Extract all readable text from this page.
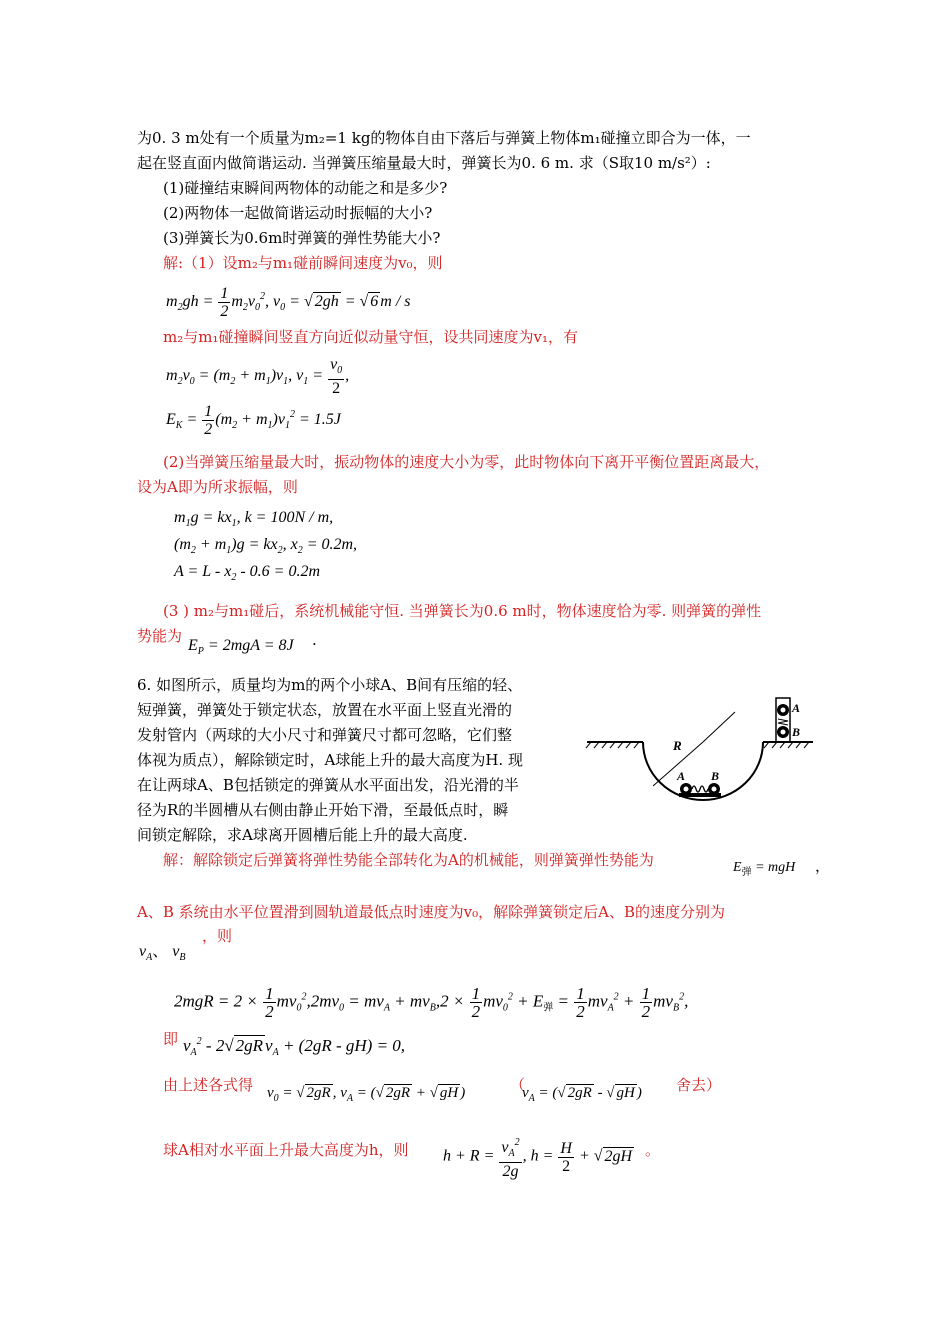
为0. 3 m处有一个质量为m₂=1 kg的物体自由下落后与弹簧上物体m₁碰撞立即合为一体，一
起在竖直面内做简谐运动. 当弹簧压缩量最大时，弹簧长为0. 6 m. 求（S取10 m/s²）:
(1)碰撞结束瞬间两物体的动能之和是多少?
(2)两物体一起做简谐运动时振幅的大小?
(3)弹簧长为0.6m时弹簧的弹性势能大小?
解:（1）设m₂与m₁碰前瞬间速度为v₀，则
$m_2gh = \frac{1}{2} m_2v_0^2$, $v_0$ = √ 2gh = √ 6 m / s
m₂与m₁碰撞瞬间竖直方向近似动量守恒，设共同速度为v₁，有
$m_2v_0 = (m_2 + m_1)v_1$, $v_1 = \frac{v_0}{2}$ ,
$E_K = \frac{1}{2} (m_2 + m_1)v_1^2 = 1.5J$
(2)当弹簧压缩量最大时，振动物体的速度大小为零，此时物体向下离开平衡位置距离最大，
设为A即为所求振幅，则
$m_1g = kx_1$, k = 100N / m,
$(m_2 + m_1)g = kx_2$, $x_2 = 0.2m$,
$A = L - x_2 - 0.6 = 0.2m$
(3 ) m₂与m₁碰后，系统机械能守恒. 当弹簧长为0.6 m时，物体速度恰为零. 则弹簧的弹性
势能为
$E_P = 2mgA = 8J$ .
6. 如图所示，质量均为m的两个小球A、B间有压缩的轻、
短弹簧，弹簧处于锁定状态，放置在水平面上竖直光滑的
发射管内（两球的大小尺寸和弹簧尺寸都可忽略，它们整
体视为质点），解除锁定时，A球能上升的最大高度为H. 现
在让两球A、B包括锁定的弹簧从水平面出发，沿光滑的半
径为R的半圆槽从右侧由静止开始下滑，至最低点时，瞬
间锁定解除，求A球离开圆槽后能上升的最大高度.
R
A
B
A B
解：解除锁定后弹簧将弹性势能全部转化为A的机械能，则弹簧弹性势能为	$E_弹$ = mgH ，
A、B 系统由水平位置滑到圆轨道最低点时速度为v₀，解除弹簧锁定后A、B的速度分别为
$v_A$、 $v_B$
，则
$2mgR = 2 \times \frac{1}{2} mv_0^2,2mv_0 = mv_A + mv_B,2 \times \frac{1}{2} mv_0^2 + E_弹 = \frac{1}{2} mv_A^2 + \frac{1}{2} mv_B^2$,
即 $v_A^2 - 2√$ 2gR $v_A + (2gR - gH) = 0$,
由上述各式得 $v_0$ = √ 2gR , $v_A$ = (√ 2gR + √ gH )	（
$v_A$ = (√ 2gR - √ gH ) 舍去）
球A相对水平面上升最大高度为h，则 $h + R = \frac{v_A^2}{2g}$ , $h = \frac{H}{2}$ + √ 2gH 。
